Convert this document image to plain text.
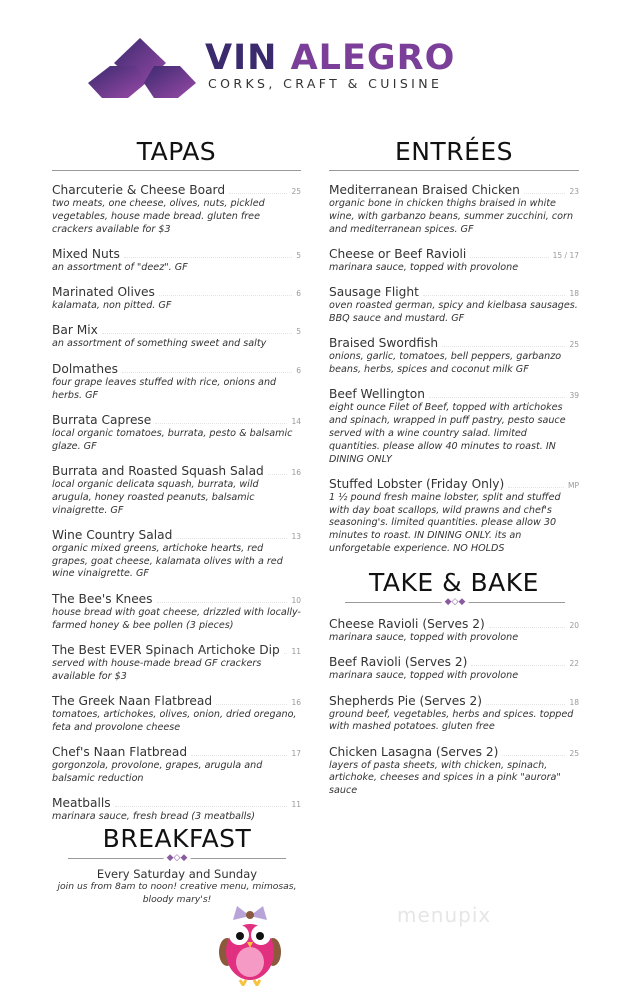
VIN ALEGRO
CORKS, CRAFT & CUISINE
TAPAS
Charcuterie & Cheese Board	25
two meats, one cheese, olives, nuts, pickled vegetables, house made bread. gluten free crackers available for $3
Mixed Nuts	5
an assortment of "deez". GF
Marinated Olives	6
kalamata, non pitted. GF
Bar Mix	5
an assortment of something sweet and salty
Dolmathes	6
four grape leaves stuffed with rice, onions and herbs. GF
Burrata Caprese	14
local organic tomatoes, burrata, pesto & balsamic glaze. GF
Burrata and Roasted Squash Salad	16
local organic delicata squash, burrata, wild arugula, honey roasted peanuts, balsamic vinaigrette. GF
Wine Country Salad	13
organic mixed greens, artichoke hearts, red grapes, goat cheese, kalamata olives with a red wine vinaigrette. GF
The Bee's Knees	10
house bread with goat cheese, drizzled with locally-farmed honey & bee pollen (3 pieces)
The Best EVER Spinach Artichoke Dip 11
served with house-made bread GF crackers available for $3
The Greek Naan Flatbread	16
tomatoes, artichokes, olives, onion, dried oregano, feta and provolone cheese
Chef's Naan Flatbread	17
gorgonzola, provolone, grapes, arugula and balsamic reduction
Meatballs	11
marinara sauce, fresh bread (3 meatballs)
ENTRÉES
Mediterranean Braised Chicken	23
organic bone in chicken thighs braised in white wine, with garbanzo beans, summer zucchini, corn and mediterranean spices. GF
Cheese or Beef Ravioli	15 / 17
marinara sauce, topped with provolone
Sausage Flight	18
oven roasted german, spicy and kielbasa sausages. BBQ sauce and mustard. GF
Braised Swordfish	25
onions, garlic, tomatoes, bell peppers, garbanzo beans, herbs, spices and coconut milk GF
Beef Wellington	39
eight ounce Filet of Beef, topped with artichokes and spinach, wrapped in puff pastry, pesto sauce served with a wine country salad. limited quantities. please allow 40 minutes to roast. IN DINING ONLY
Stuffed Lobster (Friday Only)	MP
1 ½ pound fresh maine lobster, split and stuffed with day boat scallops, wild prawns and chef's seasoning's. limited quantities. please allow 30 minutes to roast. IN DINING ONLY. its an unforgetable experience. NO HOLDS
TAKE & BAKE
◆◇◆
Cheese Ravioli (Serves 2)	20
marinara sauce, topped with provolone
Beef Ravioli (Serves 2)	22
marinara sauce, topped with provolone
Shepherds Pie (Serves 2)	18
ground beef, vegetables, herbs and spices. topped with mashed potatoes. gluten free
Chicken Lasagna (Serves 2)	25
layers of pasta sheets, with chicken, spinach, artichoke, cheeses and spices in a pink "aurora" sauce
BREAKFAST
◆◇◆
Every Saturday and Sunday
join us from 8am to noon! creative menu, mimosas, bloody mary's!
menupix
